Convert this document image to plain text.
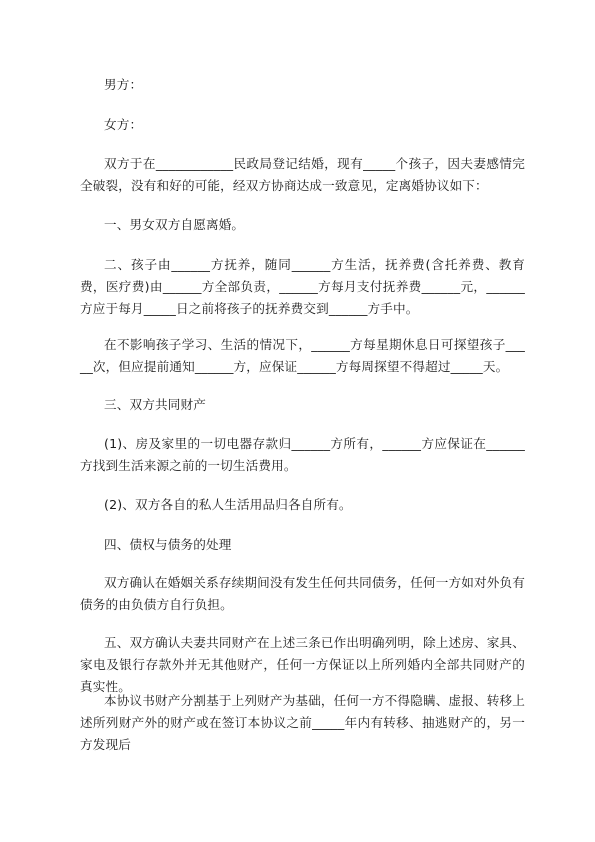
男方：

女方：

双方于在____________民政局登记结婚，现有_____个孩子，因夫妻感情完全破裂，没有和好的可能，经双方协商达成一致意见，定离婚协议如下：

一、男女双方自愿离婚。

二、孩子由______方抚养，随同______方生活，抚养费(含托养费、教育费，医疗费)由______方全部负责，______方每月支付抚养费______元，______方应于每月_____日之前将孩子的抚养费交到______方手中。

在不影响孩子学习、生活的情况下，______方每星期休息日可探望孩子_____次，但应提前通知______方，应保证______方每周探望不得超过_____天。

三、双方共同财产

(1)、房及家里的一切电器存款归______方所有，______方应保证在______方找到生活来源之前的一切生活费用。

(2)、双方各自的私人生活用品归各自所有。

四、债权与债务的处理

双方确认在婚姻关系存续期间没有发生任何共同债务，任何一方如对外负有债务的由负债方自行负担。

五、双方确认夫妻共同财产在上述三条已作出明确列明，除上述房、家具、家电及银行存款外并无其他财产，任何一方保证以上所列婚内全部共同财产的真实性。

本协议书财产分割基于上列财产为基础，任何一方不得隐瞒、虚报、转移上述所列财产外的财产或在签订本协议之前_____年内有转移、抽逃财产的，另一方发现后
